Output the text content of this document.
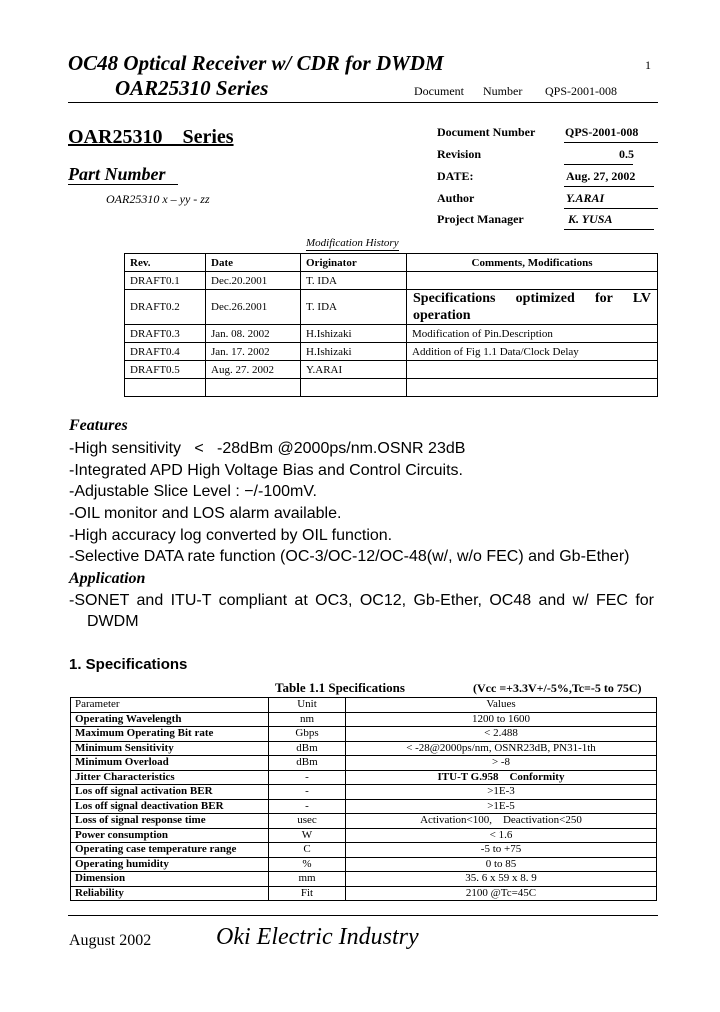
OC48 Optical Receiver w/ CDR for DWDM
OAR25310 Series
1
Document Number QPS-2001-008
OAR25310    Series
Part Number
OAR25310 x – yy - zz
Document Number QPS-2001-008
Revision	0.5
DATE:	Aug. 27, 2002
Author	Y.ARAI
Project Manager	K. YUSA
Modification History
Rev.	Date	Originator	Comments, Modifications
DRAFT0.1	Dec.20.2001	T. IDA	
DRAFT0.2	Dec.26.2001	T. IDA	Specifications optimized for LV operation
DRAFT0.3	Jan. 08. 2002	H.Ishizaki	Modification of Pin.Description
DRAFT0.4	Jan. 17. 2002	H.Ishizaki	Addition of Fig 1.1 Data/Clock Delay
DRAFT0.5	Aug. 27. 2002	Y.ARAI	

Features
-High sensitivity   <   -28dBm @2000ps/nm.OSNR 23dB
-Integrated APD High Voltage Bias and Control Circuits.
-Adjustable Slice Level : −/-100mV.
-OIL monitor and LOS alarm available.
-High accuracy log converted by OIL function.
-Selective DATA rate function (OC-3/OC-12/OC-48(w/, w/o FEC) and Gb-Ether)
Application
-SONET and ITU-T compliant at OC3, OC12, Gb-Ether, OC48 and w/ FEC for
DWDM
1. Specifications
Table 1.1 Specifications	(Vcc =+3.3V+/-5%,Tc=-5 to 75C)
Parameter	Unit	Values
Operating Wavelength	nm	1200 to 1600
Maximum Operating Bit rate	Gbps	< 2.488
Minimum Sensitivity	dBm	< -28@2000ps/nm, OSNR23dB, PN31-1th
Minimum Overload	dBm	> -8
Jitter Characteristics	-	ITU-T G.958    Conformity
Los off signal activation BER	-	>1E-3
Los off signal deactivation BER	-	>1E-5
Loss of signal response time	usec	Activation<100,    Deactivation<250
Power consumption	W	< 1.6
Operating case temperature range	C	-5 to +75
Operating humidity	%	0 to 85
Dimension	mm	35. 6 x 59 x 8. 9
Reliability	Fit	2100 @Tc=45C
August 2002	Oki Electric Industry
